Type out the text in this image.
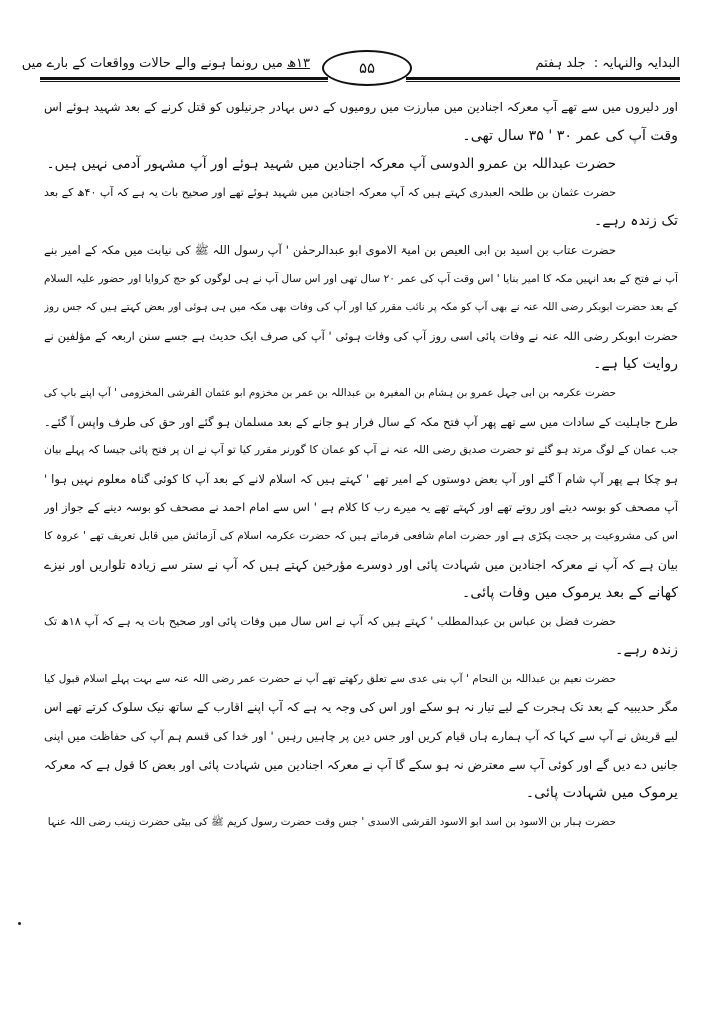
۱۳ھ میں رونما ہونے والے حالات وواقعات کے بارے میں	۵۵	البدایہ والنہایہ: جلد ہفتم
اور دلیروں میں سے تھے آپ معرکہ اجنادین میں مبارزت میں رومیوں کے دس بہادر جرنیلوں کو قتل کرنے کے بعد شہید ہوئے اس
وقت آپ کی عمر ۳۰ ' ۳۵ سال تھی۔
حضرت عبداللہ بن عمرو الدوسی آپ معرکہ اجنادین میں شہید ہوئے اور آپ مشہور آدمی نہیں ہیں۔
حضرت عثمان بن طلحہ العبدری کہتے ہیں کہ آپ معرکہ اجنادین میں شہید ہوئے تھے اور صحیح بات یہ ہے کہ آپ ۴۰ھ کے بعد
تک زندہ رہے۔
حضرت عتاب بن اسید بن ابی العیص بن امیۃ الاموی ابو عبدالرحمٰن ' آپ رسول اللہ ﷺ کی نیابت میں مکہ کے امیر بنے
آپ نے فتح کے بعد انہیں مکہ کا امیر بنایا ' اس وقت آپ کی عمر ۲۰ سال تھی اور اس سال آپ نے ہی لوگوں کو حج کروایا اور حضور علیہ السلام
کے بعد حضرت ابوبکر رضی اللہ عنہ نے بھی آپ کو مکہ پر نائب مقرر کیا اور آپ کی وفات بھی مکہ میں ہی ہوئی اور بعض کہتے ہیں کہ جس روز
حضرت ابوبکر رضی اللہ عنہ نے وفات پائی اسی روز آپ کی وفات ہوئی ' آپ کی صرف ایک حدیث ہے جسے سنن اربعہ کے مؤلفین نے
روایت کیا ہے۔
حضرت عکرمہ بن ابی جہل عمرو بن ہشام بن المغیرہ بن عبداللہ بن عمر بن مخزوم ابو عثمان القرشی المخزومی ' آپ اپنے باپ کی
طرح جاہلیت کے سادات میں سے تھے پھر آپ فتح مکہ کے سال فرار ہو جانے کے بعد مسلمان ہو گئے اور حق کی طرف واپس آ گئے۔
جب عمان کے لوگ مرتد ہو گئے تو حضرت صدیق رضی اللہ عنہ نے آپ کو عمان کا گورنر مقرر کیا تو آپ نے ان پر فتح پائی جیسا کہ پہلے بیان
ہو چکا ہے پھر آپ شام آ گئے اور آپ بعض دوستوں کے امیر تھے ' کہتے ہیں کہ اسلام لانے کے بعد آپ کا کوئی گناہ معلوم نہیں ہوا '
آپ مصحف کو بوسہ دیتے اور روتے تھے اور کہتے تھے یہ میرے رب کا کلام ہے ' اس سے امام احمد نے مصحف کو بوسہ دینے کے جواز اور
اس کی مشروعیت پر حجت پکڑی ہے اور حضرت امام شافعی فرماتے ہیں کہ حضرت عکرمہ اسلام کی آزمائش میں قابل تعریف تھے ' عروہ کا
بیان ہے کہ آپ نے معرکہ اجنادین میں شہادت پائی اور دوسرے مؤرخین کہتے ہیں کہ آپ نے ستر سے زیادہ تلواریں اور نیزے
کھانے کے بعد یرموک میں وفات پائی۔
حضرت فضل بن عباس بن عبدالمطلب ' کہتے ہیں کہ آپ نے اس سال میں وفات پائی اور صحیح بات یہ ہے کہ آپ ۱۸ھ تک
زندہ رہے۔
حضرت نعیم بن عبداللہ بن النحام ' آپ بنی عدی سے تعلق رکھتے تھے آپ نے حضرت عمر رضی اللہ عنہ سے بہت پہلے اسلام قبول کیا
مگر حدیبیہ کے بعد تک ہجرت کے لیے تیار نہ ہو سکے اور اس کی وجہ یہ ہے کہ آپ اپنے اقارب کے ساتھ نیک سلوک کرتے تھے اس
لیے قریش نے آپ سے کہا کہ آپ ہمارے ہاں قیام کریں اور جس دین پر چاہیں رہیں ' اور خدا کی قسم ہم آپ کی حفاظت میں اپنی
جانیں دے دیں گے اور کوئی آپ سے معترض نہ ہو سکے گا آپ نے معرکہ اجنادین میں شہادت پائی اور بعض کا قول ہے کہ معرکہ
یرموک میں شہادت پائی۔
حضرت ہبار بن الاسود بن اسد ابو الاسود القرشی الاسدی ' جس وقت حضرت رسول کریم ﷺ کی بیٹی حضرت زینب رضی اللہ عنہا
